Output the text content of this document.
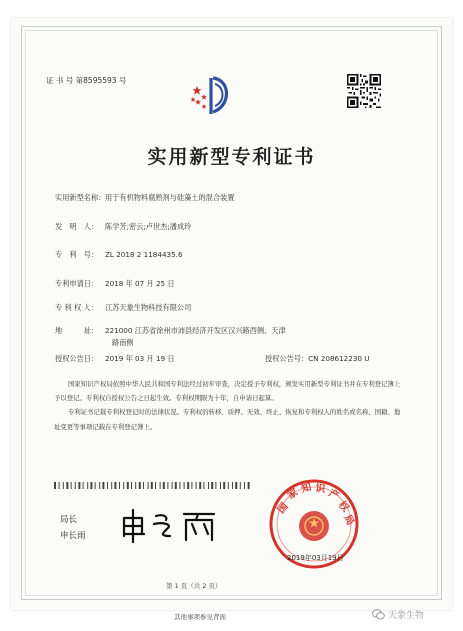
证 书 号 第8595593 号
实用新型专利证书
实用新型名称：用于有机物料腐熟剂与硅藻土的混合装置
发　明　人： 陈学芳;密云;卢世杰;潘成玲
专　利　号： ZL 2018 2 1184435.6
专利申请日： 2018 年 07 月 25 日
专 利 权 人： 江苏天象生物科技有限公司
地　　　址： 221000 江苏省徐州市沛县经济开发区汉兴路西侧、天津
路南侧
授权公告日： 2019 年 03 月 19 日	授权公告号：CN 208612230 U
国家知识产权局依照中华人民共和国专利法经过初步审查，决定授予专利权，颁发实用新型专利证书并在专利登记簿上予以登记。专利权自授权公告之日起生效。专利权期限为十年，自申请日起算。
专利证书记载专利权登记时的法律状况。专利权的转移、质押、无效、终止、恢复和专利权人的姓名或名称、国籍、地址变更等事项记载在专利登记簿上。
局长
申长雨
国
家 知 识 产
权
局
2019年03月19日
第 1 页（共 2 页）
其他事项参见背面	天象生物
